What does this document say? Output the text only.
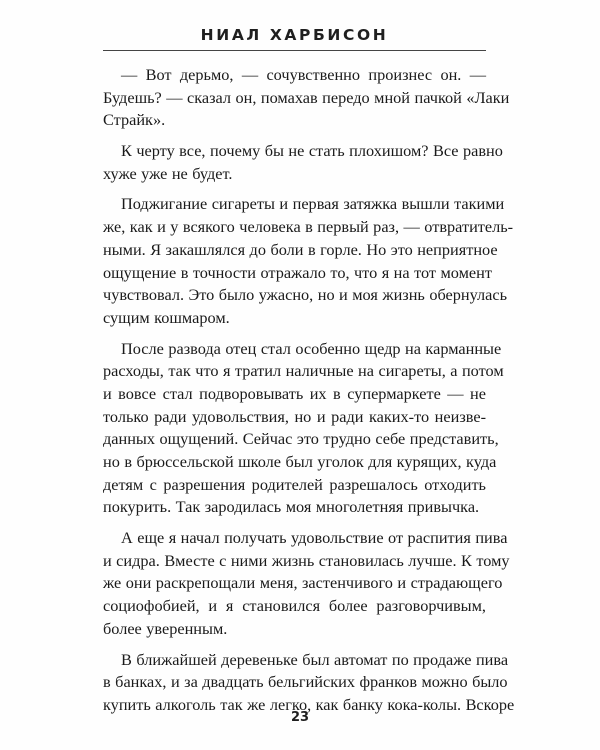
НИАЛ ХАРБИСОН

— Вот дерьмо, — сочувственно произнес он. —
Будешь? — сказал он, помахав передо мной пачкой «Лаки
Страйк».

К черту все, почему бы не стать плохишом? Все равно
хуже уже не будет.

Поджигание сигареты и первая затяжка вышли такими
же, как и у всякого человека в первый раз, — отвратитель-
ными. Я закашлялся до боли в горле. Но это неприятное
ощущение в точности отражало то, что я на тот момент
чувствовал. Это было ужасно, но и моя жизнь обернулась
сущим кошмаром.

После развода отец стал особенно щедр на карманные
расходы, так что я тратил наличные на сигареты, а потом
и вовсе стал подворовывать их в супермаркете — не
только ради удовольствия, но и ради каких-то неизве-
данных ощущений. Сейчас это трудно себе представить,
но в брюссельской школе был уголок для курящих, куда
детям с разрешения родителей разрешалось отходить
покурить. Так зародилась моя многолетняя привычка.

А еще я начал получать удовольствие от распития пива
и сидра. Вместе с ними жизнь становилась лучше. К тому
же они раскрепощали меня, застенчивого и страдающего
социофобией, и я становился более разговорчивым,
более уверенным.

В ближайшей деревеньке был автомат по продаже пива
в банках, и за двадцать бельгийских франков можно было
купить алкоголь так же легко, как банку кока-колы. Вскоре

23
